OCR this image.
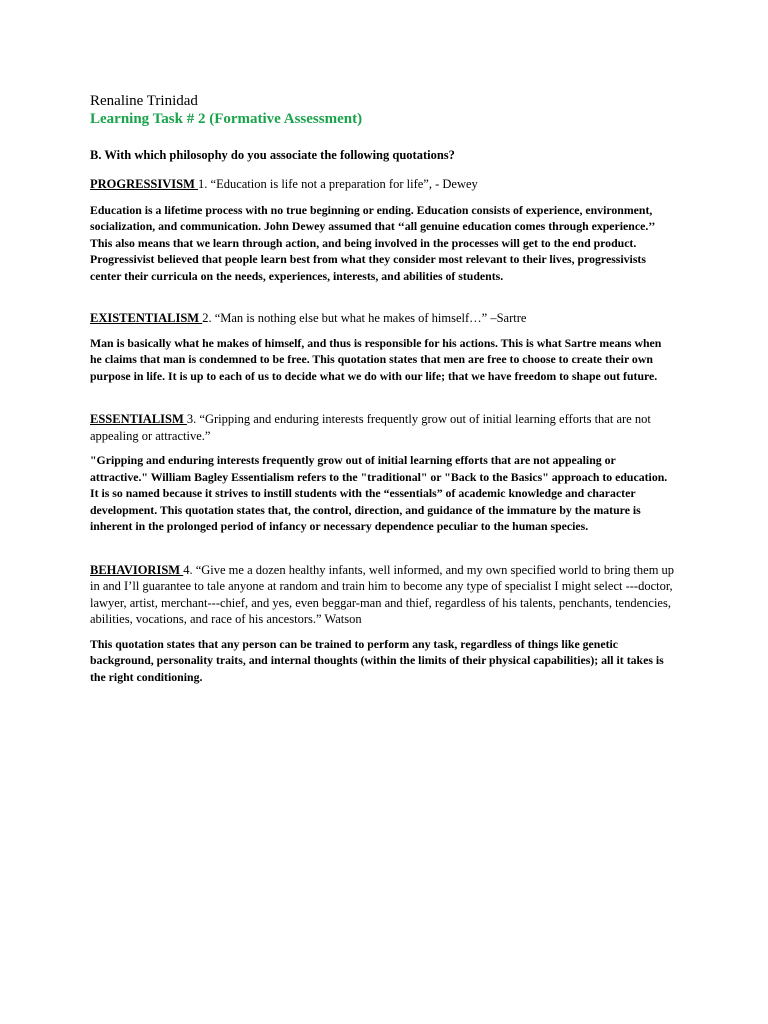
Renaline Trinidad

Learning Task # 2 (Formative Assessment)

B. With which philosophy do you associate the following quotations?

PROGRESSIVISM 1. “Education is life not a preparation for life”, - Dewey

Education is a lifetime process with no true beginning or ending. Education consists of experience, environment, socialization, and communication. John Dewey assumed that ‘‘all genuine education comes through experience.’’ This also means that we learn through action, and being involved in the processes will get to the end product. Progressivist believed that people learn best from what they consider most relevant to their lives, progressivists center their curricula on the needs, experiences, interests, and abilities of students.

EXISTENTIALISM 2. “Man is nothing else but what he makes of himself…” –Sartre

Man is basically what he makes of himself, and thus is responsible for his actions. This is what Sartre means when he claims that man is condemned to be free. This quotation states that men are free to choose to create their own purpose in life. It is up to each of us to decide what we do with our life; that we have freedom to shape out future.

ESSENTIALISM 3. “Gripping and enduring interests frequently grow out of initial learning efforts that are not appealing or attractive.”

"Gripping and enduring interests frequently grow out of initial learning efforts that are not appealing or attractive." William Bagley Essentialism refers to the "traditional" or "Back to the Basics" approach to education. It is so named because it strives to instill students with the “essentials” of academic knowledge and character development. This quotation states that, the control, direction, and guidance of the immature by the mature is inherent in the prolonged period of infancy or necessary dependence peculiar to the human species.

BEHAVIORISM 4. “Give me a dozen healthy infants, well informed, and my own specified world to bring them up in and I’ll guarantee to tale anyone at random and train him to become any type of specialist I might select ---doctor, lawyer, artist, merchant---chief, and yes, even beggar-man and thief, regardless of his talents, penchants, tendencies, abilities, vocations, and race of his ancestors.” Watson

This quotation states that any person can be trained to perform any task, regardless of things like genetic background, personality traits, and internal thoughts (within the limits of their physical capabilities); all it takes is the right conditioning.
